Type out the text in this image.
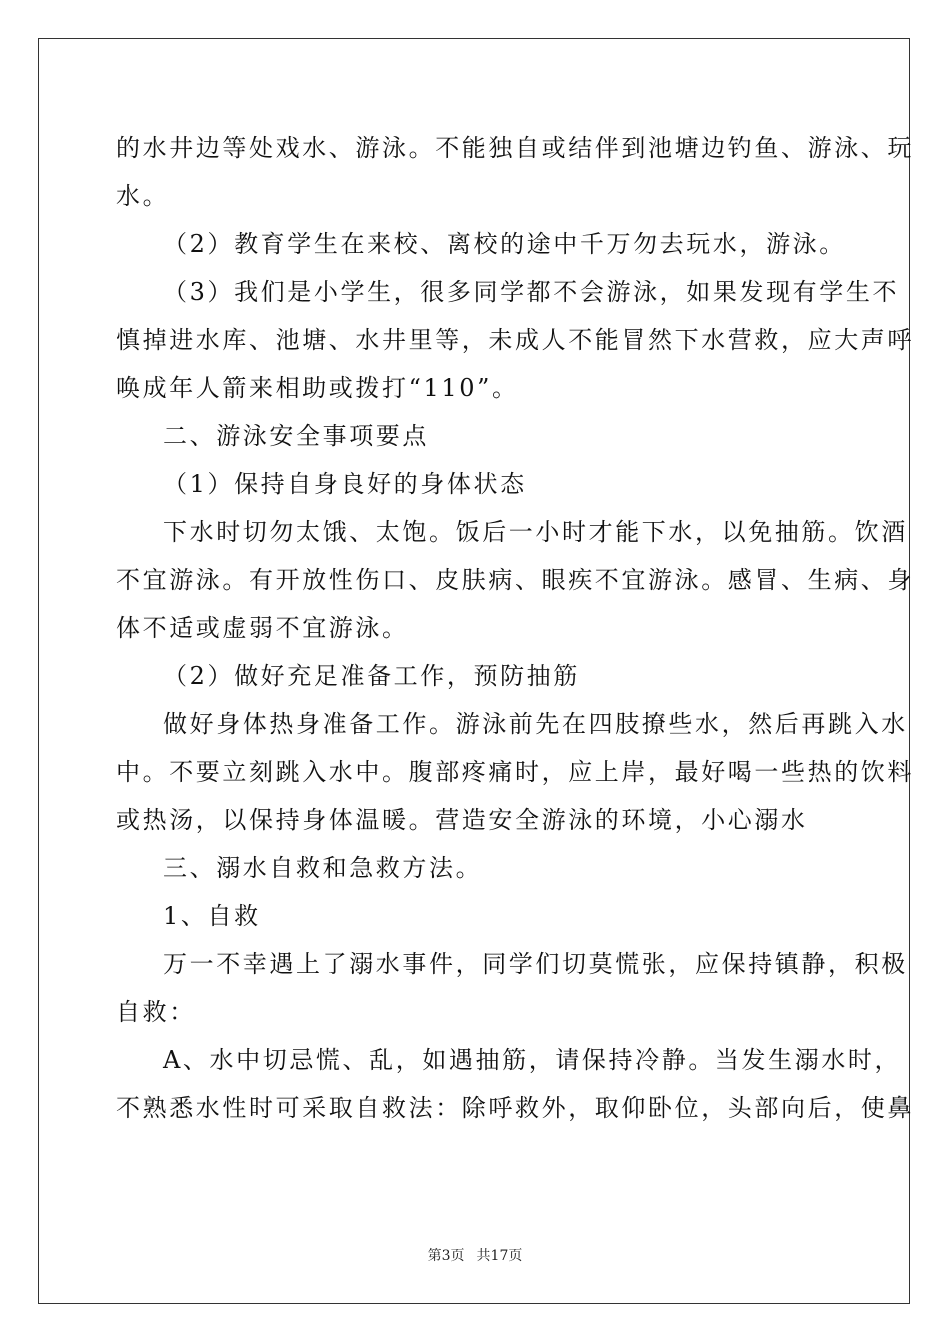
的水井边等处戏水、游泳。不能独自或结伴到池塘边钓鱼、游泳、玩
水。
（2）教育学生在来校、离校的途中千万勿去玩水，游泳。
（3）我们是小学生，很多同学都不会游泳，如果发现有学生不
慎掉进水库、池塘、水井里等，未成人不能冒然下水营救，应大声呼
唤成年人箭来相助或拨打“110”。
二、游泳安全事项要点
（1）保持自身良好的身体状态
下水时切勿太饿、太饱。饭后一小时才能下水，以免抽筋。饮酒
不宜游泳。有开放性伤口、皮肤病、眼疾不宜游泳。感冒、生病、身
体不适或虚弱不宜游泳。
（2）做好充足准备工作，预防抽筋
做好身体热身准备工作。游泳前先在四肢撩些水，然后再跳入水
中。不要立刻跳入水中。腹部疼痛时，应上岸，最好喝一些热的饮料
或热汤，以保持身体温暖。营造安全游泳的环境，小心溺水
三、溺水自救和急救方法。
1、自救
万一不幸遇上了溺水事件，同学们切莫慌张，应保持镇静，积极
自救：
A、水中切忌慌、乱，如遇抽筋，请保持冷静。当发生溺水时，
不熟悉水性时可采取自救法：除呼救外，取仰卧位，头部向后，使鼻
第3页 共17页
